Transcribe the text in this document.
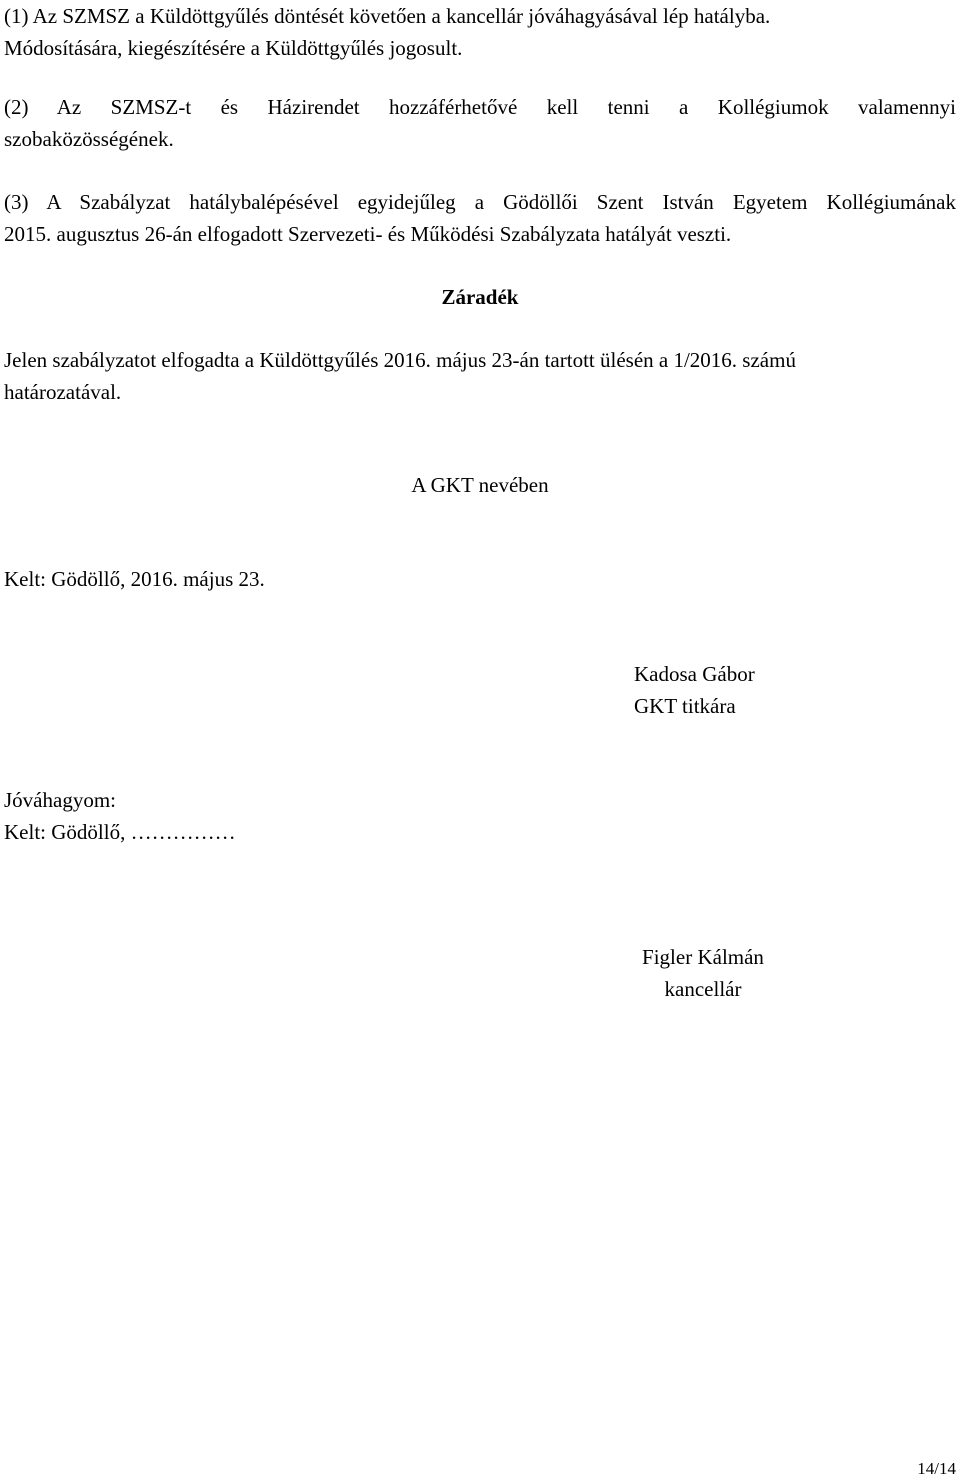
(1) Az SZMSZ a Küldöttgyűlés döntését követően a kancellár jóváhagyásával lép hatályba.
Módosítására, kiegészítésére a Küldöttgyűlés jogosult.
(2) Az SZMSZ-t és Házirendet hozzáférhetővé kell tenni a Kollégiumok valamennyi
szobaközösségének.
(3) A Szabályzat hatálybalépésével egyidejűleg a Gödöllői Szent István Egyetem Kollégiumának
2015. augusztus 26-án elfogadott Szervezeti- és Működési Szabályzata hatályát veszti.
Záradék
Jelen szabályzatot elfogadta a Küldöttgyűlés 2016. május 23-án tartott ülésén a 1/2016. számú
határozatával.
A GKT nevében
Kelt: Gödöllő, 2016. május 23.
Kadosa Gábor
GKT titkára
Jóváhagyom:
Kelt: Gödöllő, ……………
Figler Kálmán
kancellár
14/14
